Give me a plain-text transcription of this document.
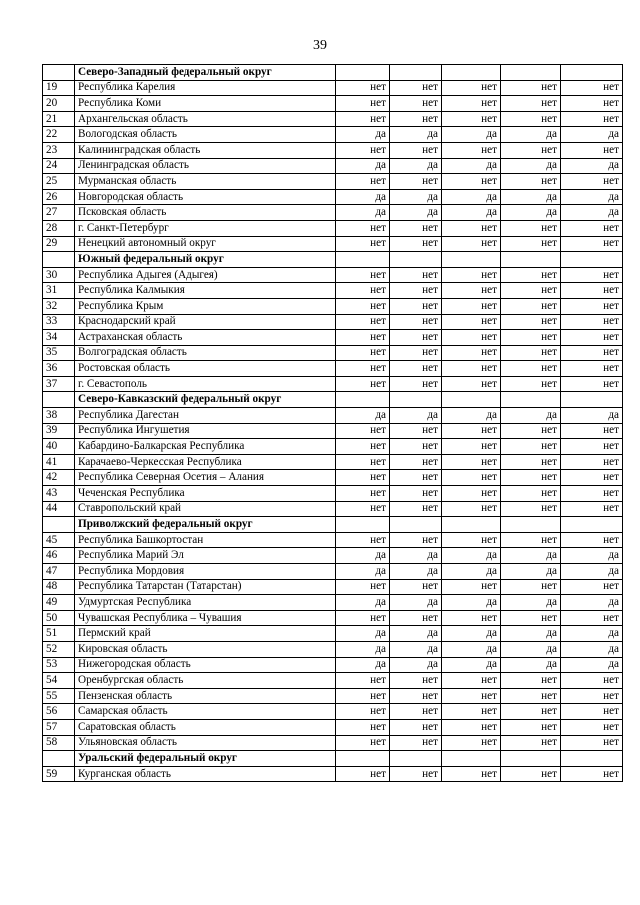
39
	Северо-Западный федеральный округ					
19	Республика Карелия	нет	нет	нет	нет	нет
20	Республика Коми	нет	нет	нет	нет	нет
21	Архангельская область	нет	нет	нет	нет	нет
22	Вологодская область	да	да	да	да	да
23	Калининградская область	нет	нет	нет	нет	нет
24	Ленинградская область	да	да	да	да	да
25	Мурманская область	нет	нет	нет	нет	нет
26	Новгородская область	да	да	да	да	да
27	Псковская область	да	да	да	да	да
28	г. Санкт-Петербург	нет	нет	нет	нет	нет
29	Ненецкий автономный округ	нет	нет	нет	нет	нет
	Южный федеральный округ					
30	Республика Адыгея (Адыгея)	нет	нет	нет	нет	нет
31	Республика Калмыкия	нет	нет	нет	нет	нет
32	Республика Крым	нет	нет	нет	нет	нет
33	Краснодарский край	нет	нет	нет	нет	нет
34	Астраханская область	нет	нет	нет	нет	нет
35	Волгоградская область	нет	нет	нет	нет	нет
36	Ростовская область	нет	нет	нет	нет	нет
37	г. Севастополь	нет	нет	нет	нет	нет
	Северо-Кавказский федеральный округ					
38	Республика Дагестан	да	да	да	да	да
39	Республика Ингушетия	нет	нет	нет	нет	нет
40	Кабардино-Балкарская Республика	нет	нет	нет	нет	нет
41	Карачаево-Черкесская Республика	нет	нет	нет	нет	нет
42	Республика Северная Осетия – Алания	нет	нет	нет	нет	нет
43	Чеченская Республика	нет	нет	нет	нет	нет
44	Ставропольский край	нет	нет	нет	нет	нет
	Приволжский федеральный округ					
45	Республика Башкортостан	нет	нет	нет	нет	нет
46	Республика Марий Эл	да	да	да	да	да
47	Республика Мордовия	да	да	да	да	да
48	Республика Татарстан (Татарстан)	нет	нет	нет	нет	нет
49	Удмуртская Республика	да	да	да	да	да
50	Чувашская Республика – Чувашия	нет	нет	нет	нет	нет
51	Пермский край	да	да	да	да	да
52	Кировская область	да	да	да	да	да
53	Нижегородская область	да	да	да	да	да
54	Оренбургская область	нет	нет	нет	нет	нет
55	Пензенская область	нет	нет	нет	нет	нет
56	Самарская область	нет	нет	нет	нет	нет
57	Саратовская область	нет	нет	нет	нет	нет
58	Ульяновская область	нет	нет	нет	нет	нет
	Уральский федеральный округ					
59	Курганская область	нет	нет	нет	нет	нет
